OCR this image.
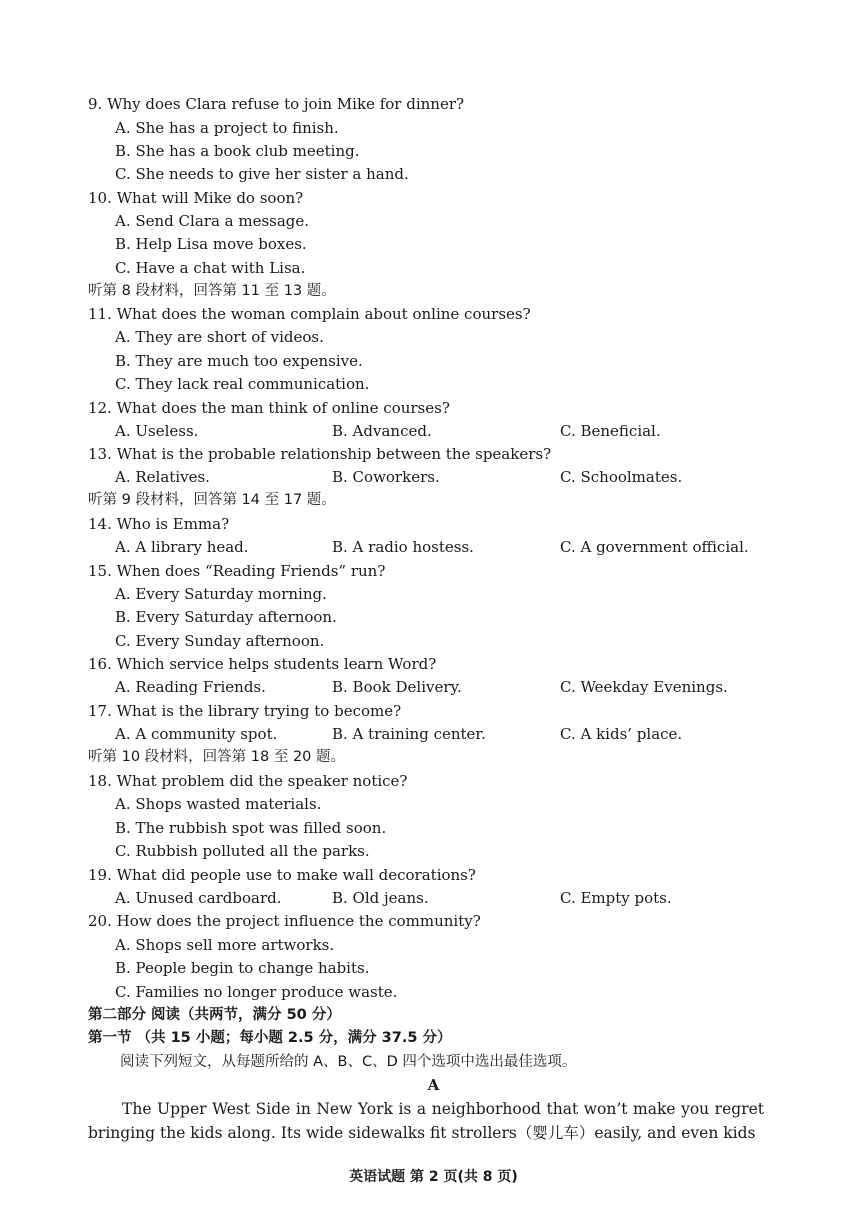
9. Why does Clara refuse to join Mike for dinner?
A. She has a project to finish.
B. She has a book club meeting.
C. She needs to give her sister a hand.
10. What will Mike do soon?
A. Send Clara a message.
B. Help Lisa move boxes.
C. Have a chat with Lisa.
听第 8 段材料，回答第 11 至 13 题。
11. What does the woman complain about online courses?
A. They are short of videos.
B. They are much too expensive.
C. They lack real communication.
12. What does the man think of online courses?
A. Useless.	B. Advanced.	C. Beneficial.
13. What is the probable relationship between the speakers?
A. Relatives.	B. Coworkers.	C. Schoolmates.
听第 9 段材料，回答第 14 至 17 题。
14. Who is Emma?
A. A library head.	B. A radio hostess.	C. A government official.
15. When does “Reading Friends” run?
A. Every Saturday morning.
B. Every Saturday afternoon.
C. Every Sunday afternoon.
16. Which service helps students learn Word?
A. Reading Friends.	B. Book Delivery.	C. Weekday Evenings.
17. What is the library trying to become?
A. A community spot.	B. A training center.	C. A kids’ place.
听第 10 段材料，回答第 18 至 20 题。
18. What problem did the speaker notice?
A. Shops wasted materials.
B. The rubbish spot was filled soon.
C. Rubbish polluted all the parks.
19. What did people use to make wall decorations?
A. Unused cardboard.	B. Old jeans.	C. Empty pots.
20. How does the project influence the community?
A. Shops sell more artworks.
B. People begin to change habits.
C. Families no longer produce waste.
第二部分 阅读（共两节，满分 50 分）
第一节 （共 15 小题；每小题 2.5 分，满分 37.5 分）
阅读下列短文，从每题所给的 A、B、C、D 四个选项中选出最佳选项。
A
The Upper West Side in New York is a neighborhood that won’t make you regret bringing the kids along. Its wide sidewalks fit strollers（婴儿车）easily, and even kids
英语试题 第 2 页(共 8 页)
